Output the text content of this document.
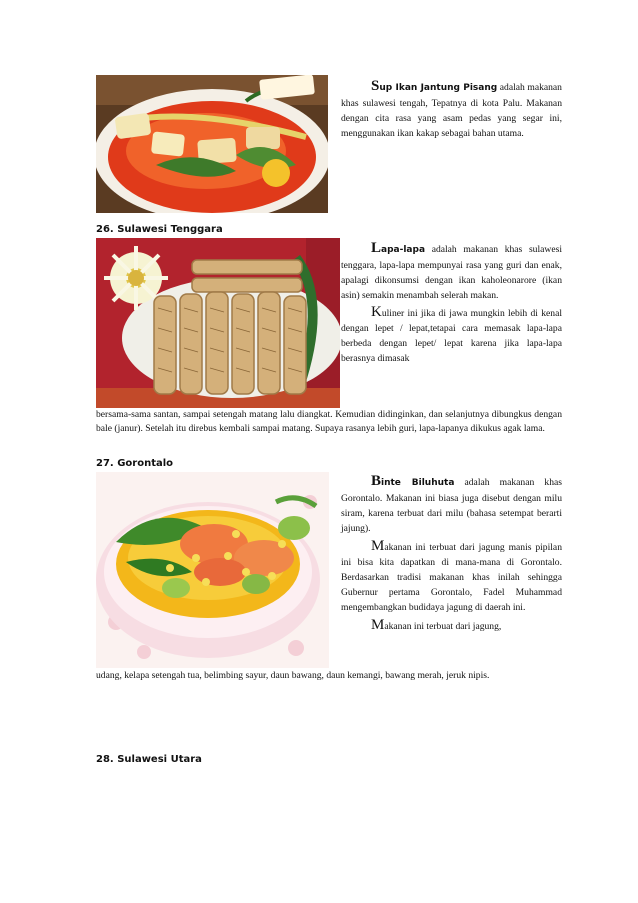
Sup Ikan Jantung Pisang adalah makanan khas sulawesi tengah, Tepatnya di kota Palu. Makanan dengan cita rasa yang asam pedas yang segar ini, menggunakan ikan kakap sebagai bahan utama.

26. Sulawesi Tenggara

Lapa-lapa adalah makanan khas sulawesi tenggara, lapa-lapa mempunyai rasa yang guri dan enak, apalagi dikonsumsi dengan ikan kaholeonarore (ikan asin) semakin menambah selerah makan.

Kuliner ini jika di jawa mungkin lebih di kenal dengan lepet / lepat,tetapai cara memasak lapa-lapa berbeda dengan lepet/ lepat karena jika lapa-lapa berasnya dimasak

bersama-sama santan, sampai setengah matang lalu diangkat. Kemudian didinginkan, dan selanjutnya dibungkus dengan bale (janur). Setelah itu direbus kembali sampai matang. Supaya rasanya lebih guri, lapa-lapanya dikukus agak lama.
27. Gorontalo

Binte Biluhuta adalah makanan khas Gorontalo. Makanan ini biasa juga disebut dengan milu siram, karena terbuat dari milu (bahasa setempat berarti jajung).

Makanan ini terbuat dari jagung manis pipilan ini bisa kita dapatkan di mana-mana di Gorontalo. Berdasarkan tradisi makanan khas inilah sehingga Gubernur pertama Gorontalo, Fadel Muhammad mengembangkan budidaya jagung di daerah ini.

Makanan ini terbuat dari jagung,

udang, kelapa setengah tua, belimbing sayur, daun bawang, daun kemangi, bawang merah, jeruk nipis.
28. Sulawesi Utara
